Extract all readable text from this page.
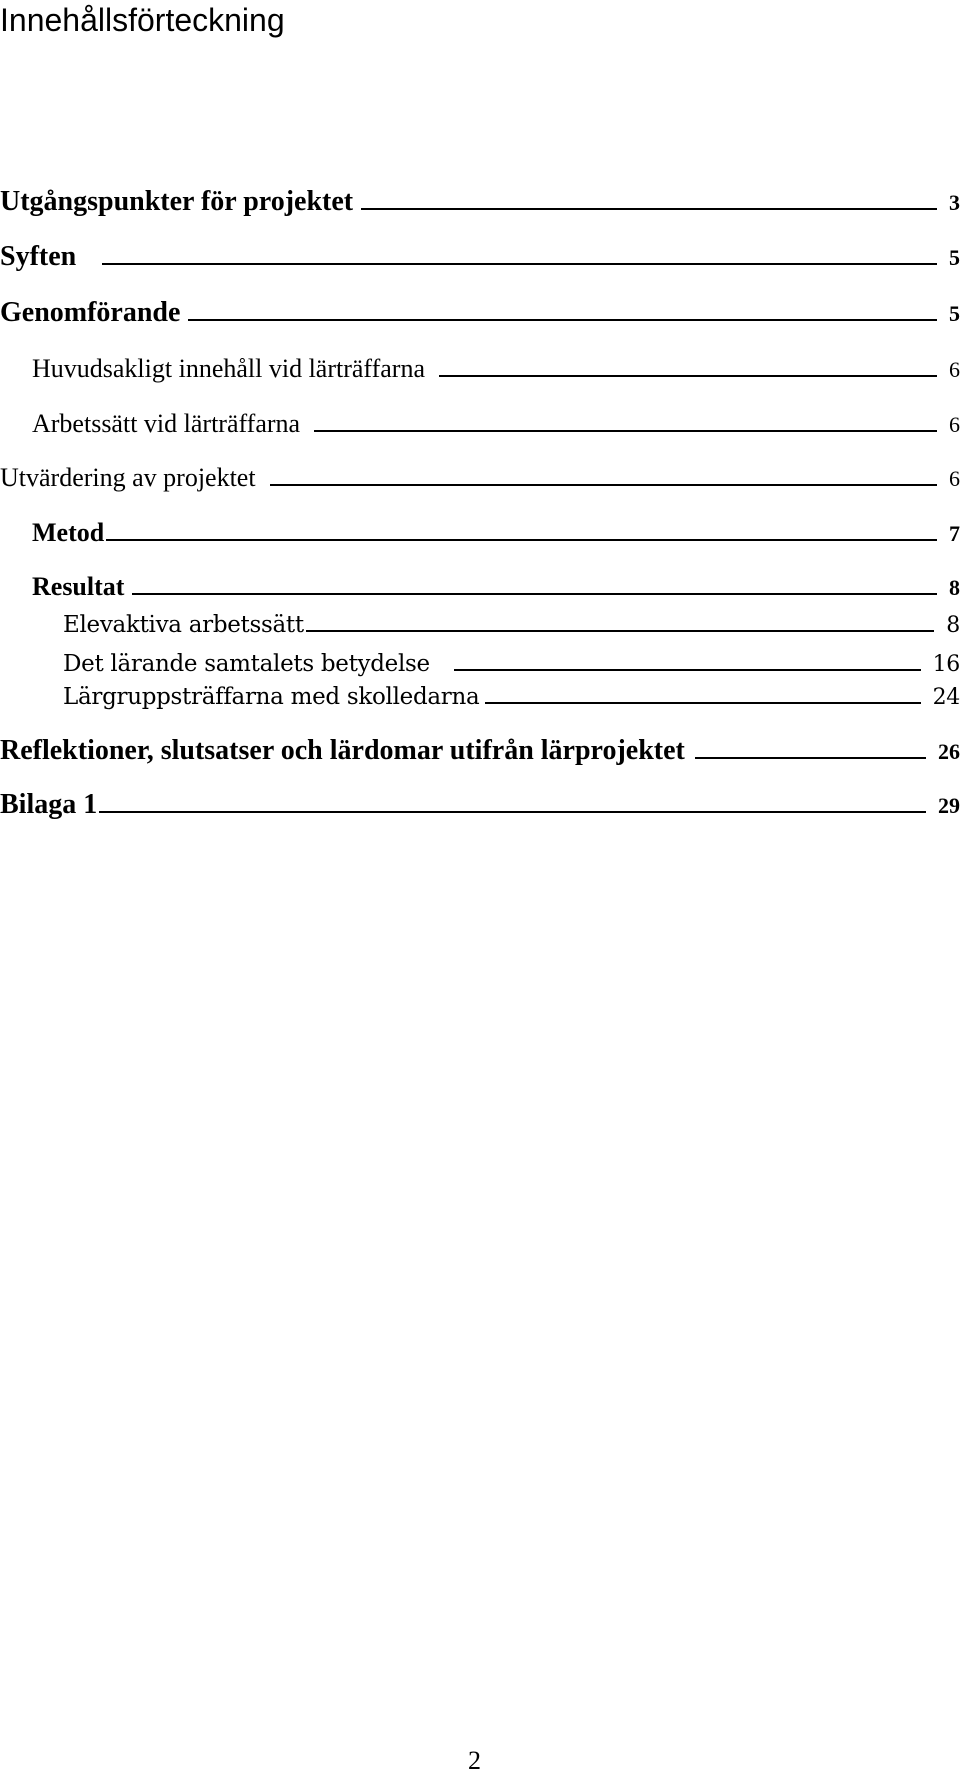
Innehållsförteckning
Utgångspunkter för projektet	3
Syften	5
Genomförande	5
Huvudsakligt innehåll vid lärträffarna	6
Arbetssätt vid lärträffarna	6
Utvärdering av projektet	6
Metod	7
Resultat	8
Elevaktiva arbetssätt	8
Det lärande samtalets betydelse	16
Lärgruppsträffarna med skolledarna	24
Reflektioner, slutsatser och lärdomar utifrån lärprojektet	26
Bilaga 1	29
2
